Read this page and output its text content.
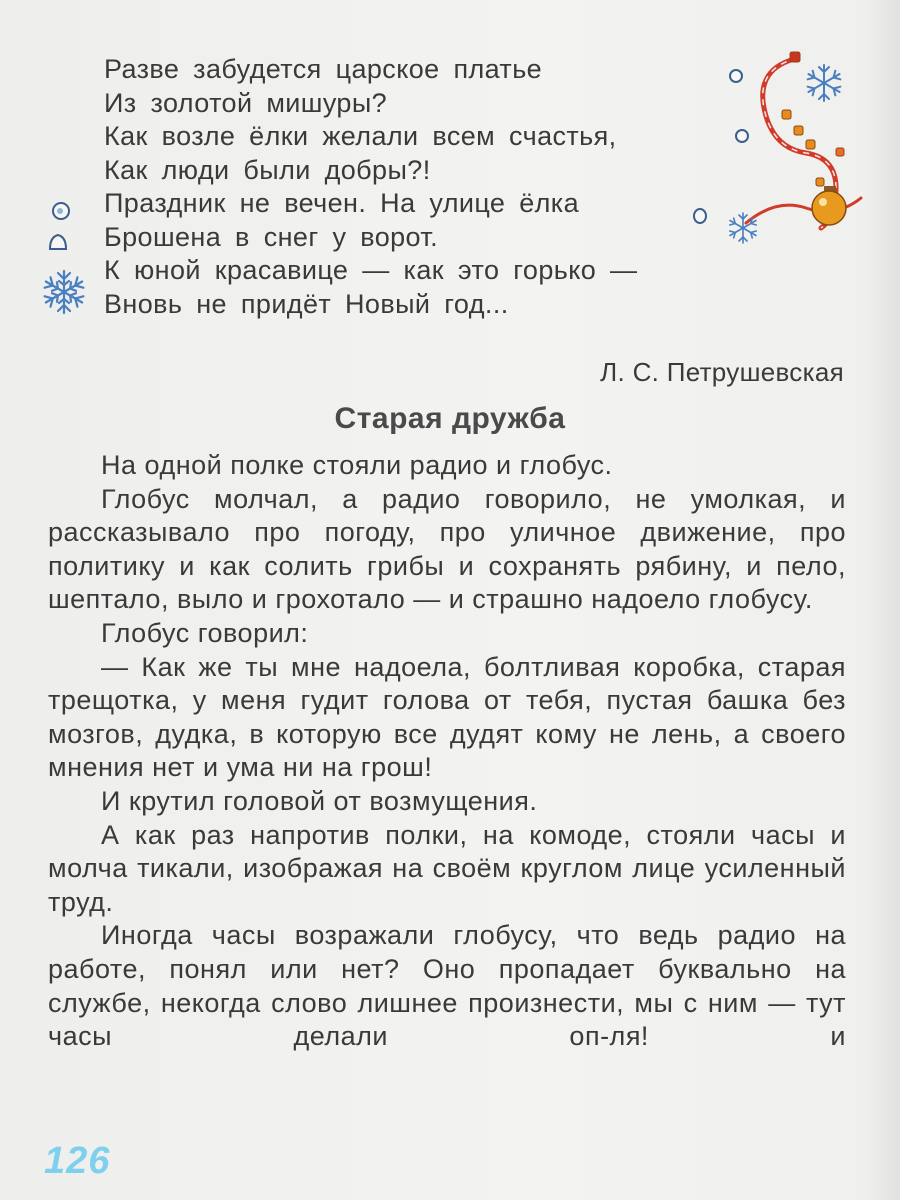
Разве забудется царское платье
Из золотой мишуры?
Как возле ёлки желали всем счастья,
Как люди были добры?!
Праздник не вечен. На улице ёлка
Брошена в снег у ворот.
К юной красавице — как это горько —
Вновь не придёт Новый год...
Л. С. Петрушевская
Старая дружба

На одной полке стояли радио и глобус.

Глобус молчал, а радио говорило, не умолкая, и рассказывало про погоду, про уличное движение, про политику и как солить грибы и сохранять рябину, и пело, шептало, выло и грохотало — и страшно надоело глобусу.

Глобус говорил:

— Как же ты мне надоела, болтливая коробка, старая трещотка, у меня гудит голова от тебя, пустая башка без мозгов, дудка, в которую все дудят кому не лень, а своего мнения нет и ума ни на грош!

И крутил головой от возмущения.

А как раз напротив полки, на комоде, стояли часы и молча тикали, изображая на своём круглом лице усиленный труд.

Иногда часы возражали глобусу, что ведь радио на работе, понял или нет? Оно пропадает буквально на службе, некогда слово лишнее произнести, мы с ним — тут часы делали оп-ля! и

126
